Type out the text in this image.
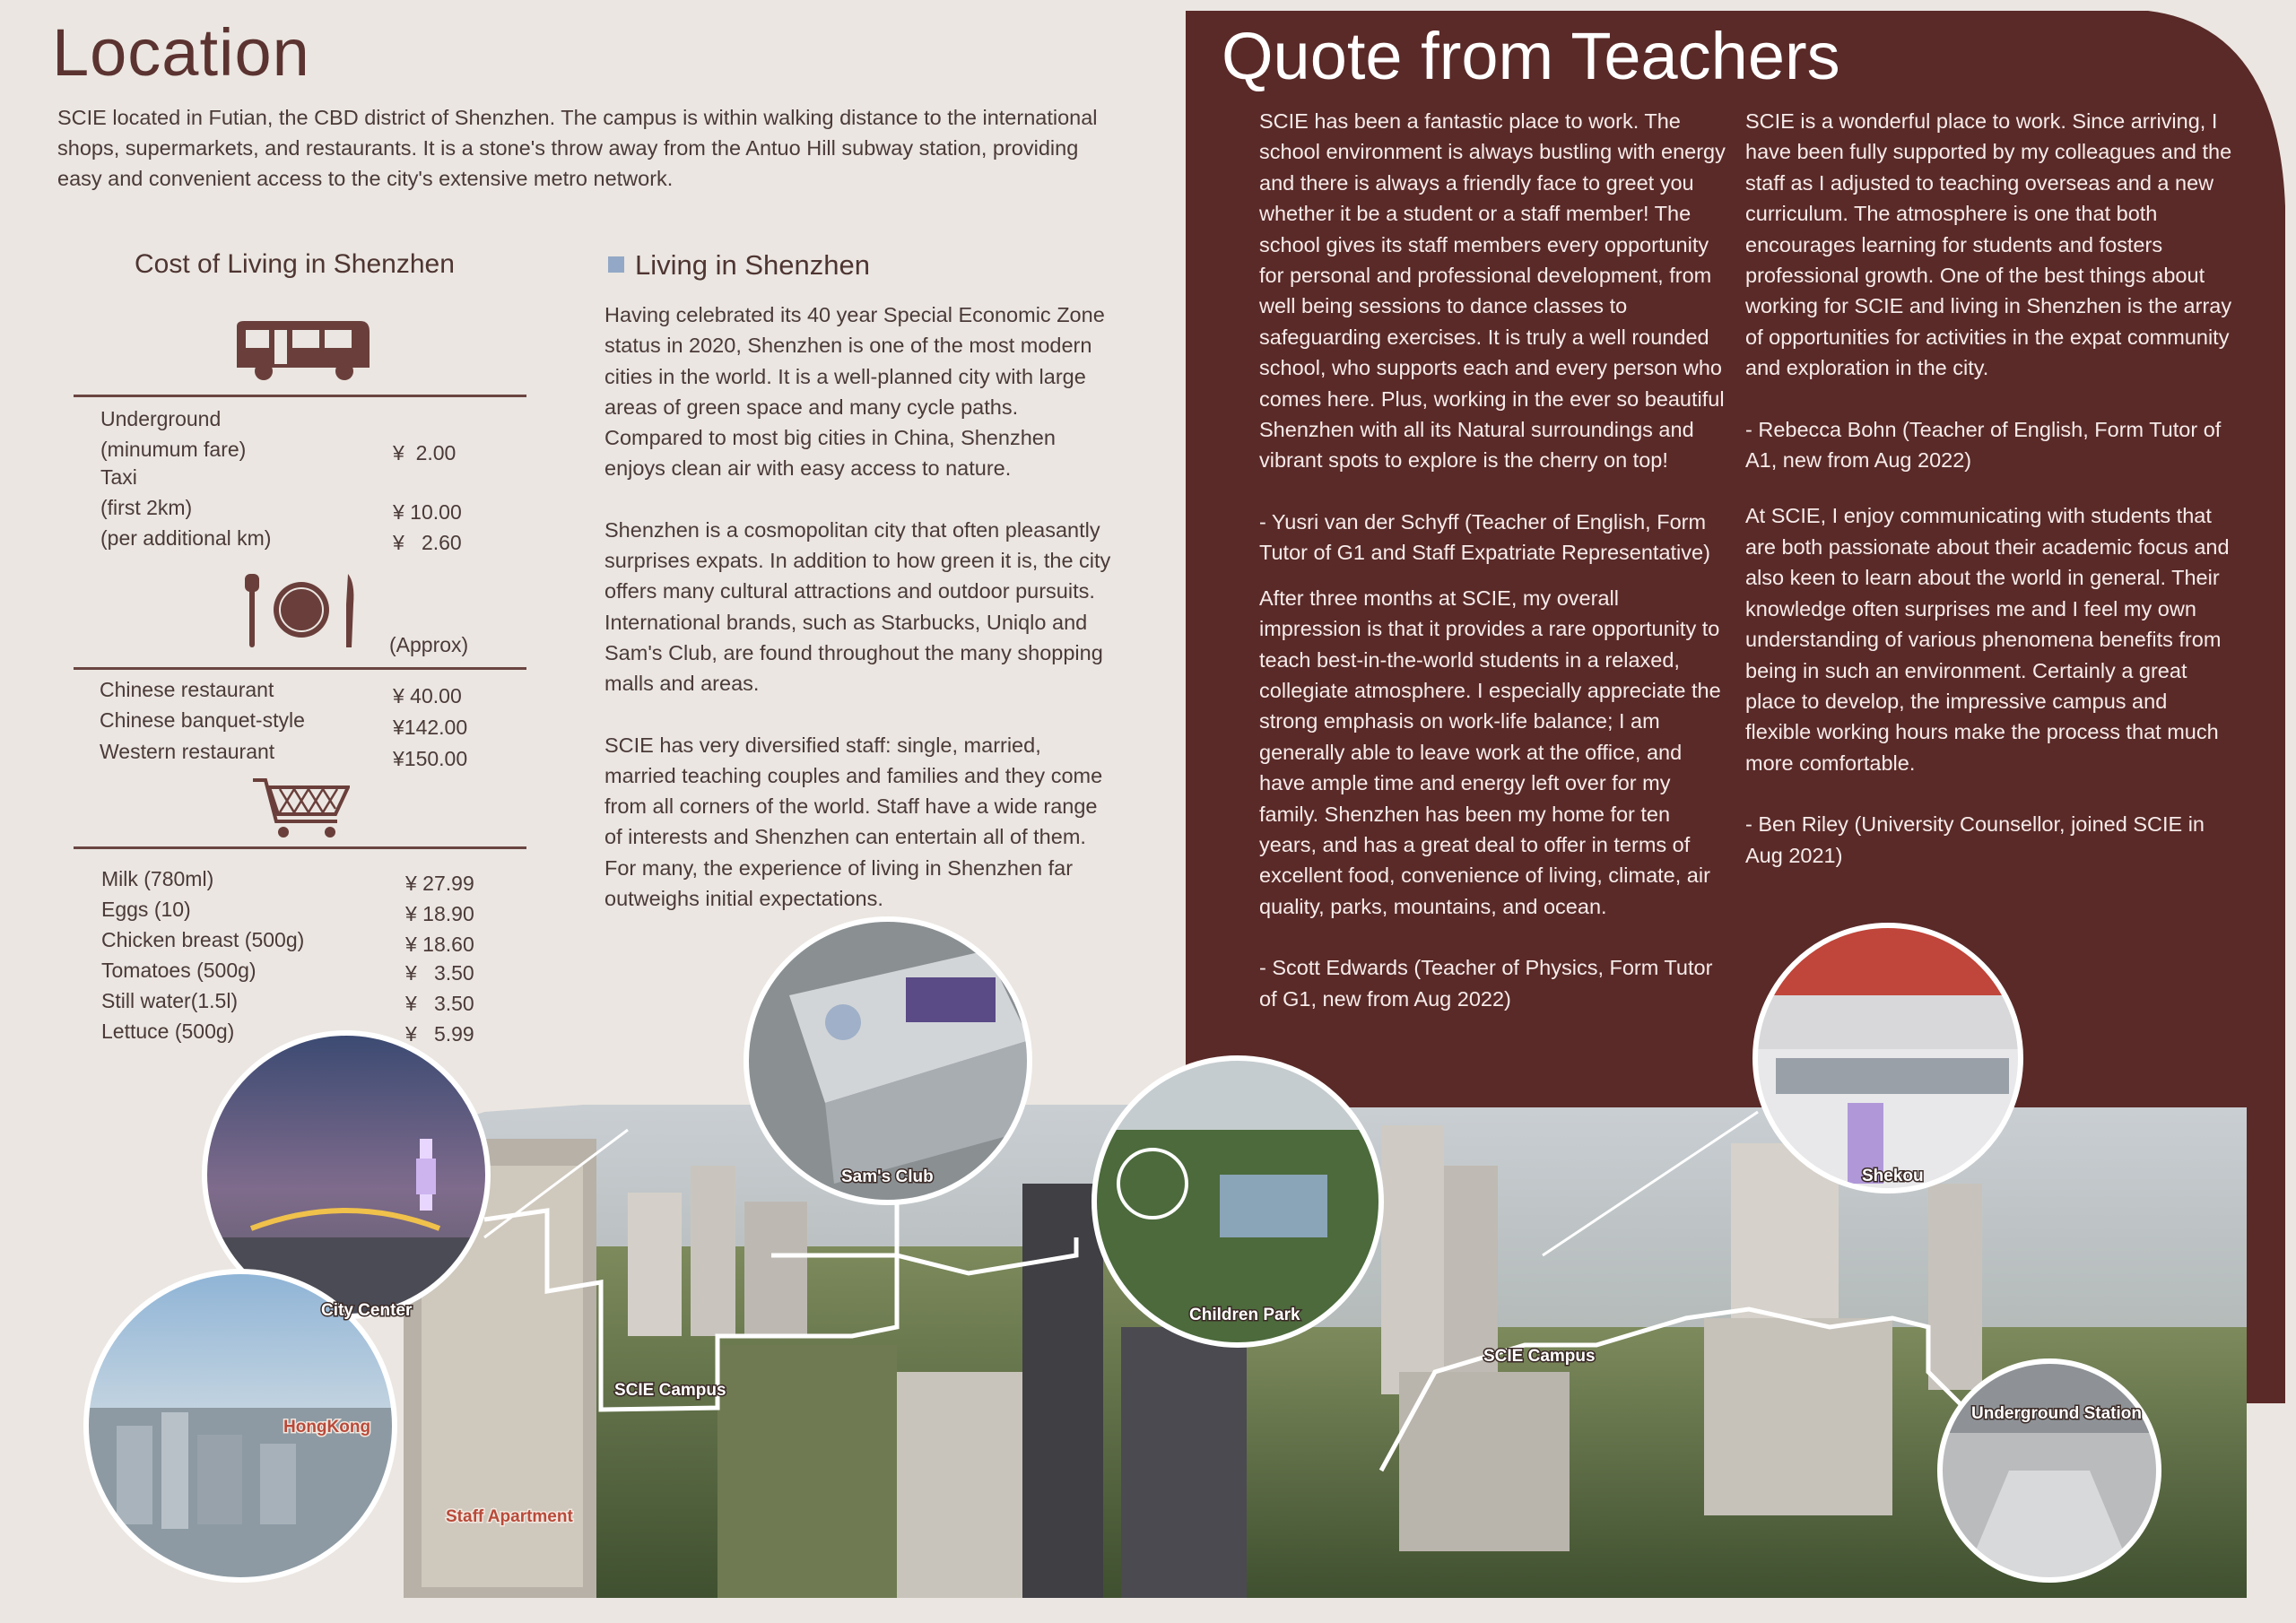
Sam's Club
City Center
HongKong
SCIE Campus
Staff Apartment
Children Park
SCIE Campus
Shekou
Underground Station
Location
SCIE located in Futian, the CBD district of Shenzhen. The campus is within walking distance to the international shops, supermarkets, and restaurants. It is a stone's throw away from the Antuo Hill subway station, providing easy and convenient access to the city's extensive metro network.
Cost of Living in Shenzhen
Underground
(minumum fare)	¥  2.00
Taxi
(first 2km)	¥ 10.00
(per additional km)	¥   2.60
(Approx)
Chinese restaurant	¥ 40.00
Chinese banquet-style	¥142.00
Western restaurant	¥150.00
Milk (780ml)	¥ 27.99
Eggs (10)	¥ 18.90
Chicken breast (500g)	¥ 18.60
Tomatoes (500g)	¥   3.50
Still water(1.5l)	¥   3.50
Lettuce (500g)	¥   5.99
Living in Shenzhen

Having celebrated its 40 year Special Economic Zone status in 2020, Shenzhen is one of the most modern cities in the world. It is a well-planned city with large areas of green space and many cycle paths. Compared to most big cities in China, Shenzhen enjoys clean air with easy access to nature.

Shenzhen is a cosmopolitan city that often pleasantly surprises expats. In addition to how green it is, the city offers many cultural attractions and outdoor pursuits. International brands, such as Starbucks, Uniqlo and Sam's Club, are found throughout the many shopping malls and areas.

SCIE has very diversified staff: single, married, married teaching couples and families and they come from all corners of the world. Staff have a wide range of interests and Shenzhen can entertain all of them. For many, the experience of living in Shenzhen far outweighs initial expectations.

Quote from Teachers

SCIE has been a fantastic place to work. The school environment is always bustling with energy and there is always a friendly face to greet you whether it be a student or a staff member! The school gives its staff members every opportunity for personal and professional development, from well being sessions to dance classes to safeguarding exercises. It is truly a well rounded school, who supports each and every person who comes here. Plus, working in the ever so beautiful Shenzhen with all its Natural surroundings and vibrant spots to explore is the cherry on top!

- Yusri van der Schyff (Teacher of English, Form Tutor of G1 and Staff Expatriate Representative)

After three months at SCIE, my overall impression is that it provides a rare opportunity to teach best-in-the-world students in a relaxed, collegiate atmosphere. I especially appreciate the strong emphasis on work-life balance; I am generally able to leave work at the office, and have ample time and energy left over for my family. Shenzhen has been my home for ten years, and has a great deal to offer in terms of excellent food, convenience of living, climate, air quality, parks, mountains, and ocean.

- Scott Edwards (Teacher of Physics, Form Tutor of G1, new from Aug 2022)

SCIE is a wonderful place to work. Since arriving, I have been fully supported by my colleagues and the staff as I adjusted to teaching overseas and a new curriculum. The atmosphere is one that both encourages learning for students and fosters professional growth. One of the best things about working for SCIE and living in Shenzhen is the array of opportunities for activities in the expat community and exploration in the city.

- Rebecca Bohn (Teacher of English, Form Tutor of A1, new from Aug 2022)

At SCIE, I enjoy communicating with students that are both passionate about their academic focus and also keen to learn about the world in general. Their knowledge often surprises me and I feel my own understanding of various phenomena benefits from being in such an environment. Certainly a great place to develop, the impressive campus and flexible working hours make the process that much more comfortable.

- Ben Riley (University Counsellor, joined SCIE in Aug 2021)
